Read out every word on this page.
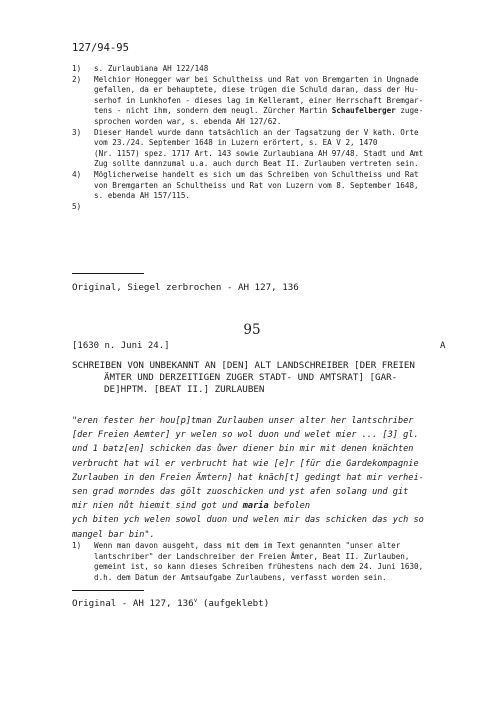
127/94-95
1) s. Zurlaubiana AH 122/148
2) Melchior Honegger war bei Schultheiss und Rat von Bremgarten in Ungnade
gefallen, da er behauptete, diese trügen die Schuld daran, dass der Hu-
serhof in Lunkhofen - dieses lag im Kelleramt, einer Herrschaft Bremgar-
tens - nicht ihm, sondern dem neugl. Zürcher Martin Schaufelberger zuge-
sprochen worden war, s. ebenda AH 127/62.
3) Dieser Handel wurde dann tatsächlich an der Tagsatzung der V kath. Orte
vom 23./24. September 1648 in Luzern erörtert, s. EA V 2, 1470
(Nr. 1157) spez. 1717 Art. 143 sowie Zurlaubiana AH 97/48. Stadt und Amt
Zug sollte dannzumal u.a. auch durch Beat II. Zurlauben vertreten sein.
4) Möglicherweise handelt es sich um das Schreiben von Schultheiss und Rat
von Bremgarten an Schultheiss und Rat von Luzern vom 8. September 1648,
s. ebenda AH 157/115.
5)

Original, Siegel zerbrochen - AH 127, 136
95
[1630 n. Juni 24.]	A
SCHREIBEN VON UNBEKANNT AN [DEN] ALT LANDSCHREIBER [DER FREIEN
ÄMTER UND DERZEITIGEN ZUGER STADT- UND AMTSRAT] [GAR-
DE]HPTM. [BEAT II.] ZURLAUBEN
"eren fester her hou[p]tman Zurlauben unser alter her lantschriber
[der Freien Aemter] yr welen so wol duon und welet mier ... [3] gl.
und 1 batz[en] schicken das ůwer diener bin mir mit denen knächten
verbrucht hat wil er verbrucht hat wie [e]r [für die Gardekompagnie
Zurlauben in den Freien Ämtern] hat knăch[t] gedingt hat mir verhei-
sen grad morndes das gölt zuoschicken und yst afen solang und git
mir nien nůt hiemit sind got und maria befolen
ych biten ych welen sowol duon und welen mir das schicken das ych so
mangel bar bin".
1) Wenn man davon ausgeht, dass mit dem im Text genannten "unser alter
lantschriber" der Landschreiber der Freien Ämter, Beat II. Zurlauben,
gemeint ist, so kann dieses Schreiben frühestens nach dem 24. Juni 1630,
d.h. dem Datum der Amtsaufgabe Zurlaubens, verfasst worden sein.
Original - AH 127, 136$^v$ (aufgeklebt)
